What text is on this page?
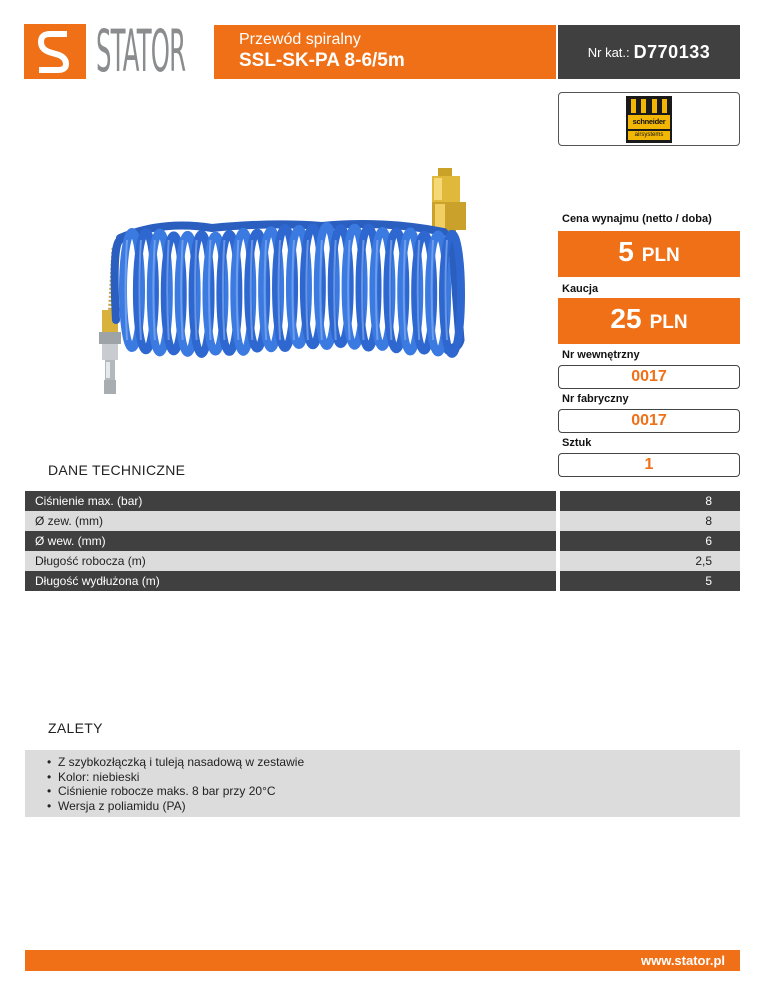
STATOR	Przewód spiralny
SSL-SK-PA 8-6/5m	Nr kat.: D770133
schneider
airsystems
Cena wynajmu (netto / doba)
5 PLN
Kaucja
25 PLN
Nr wewnętrzny
0017
Nr fabryczny
0017
Sztuk
1
DANE TECHNICZNE
Ciśnienie max. (bar)	8
Ø zew. (mm)	8
Ø wew. (mm)	6
Długość robocza (m)	2,5
Długość wydłużona (m)	5
ZALETY
• Z szybkozłączką i tuleją nasadową w zestawie
• Kolor: niebieski
• Ciśnienie robocze maks. 8 bar przy 20°C
• Wersja z poliamidu (PA)
www.stator.pl
